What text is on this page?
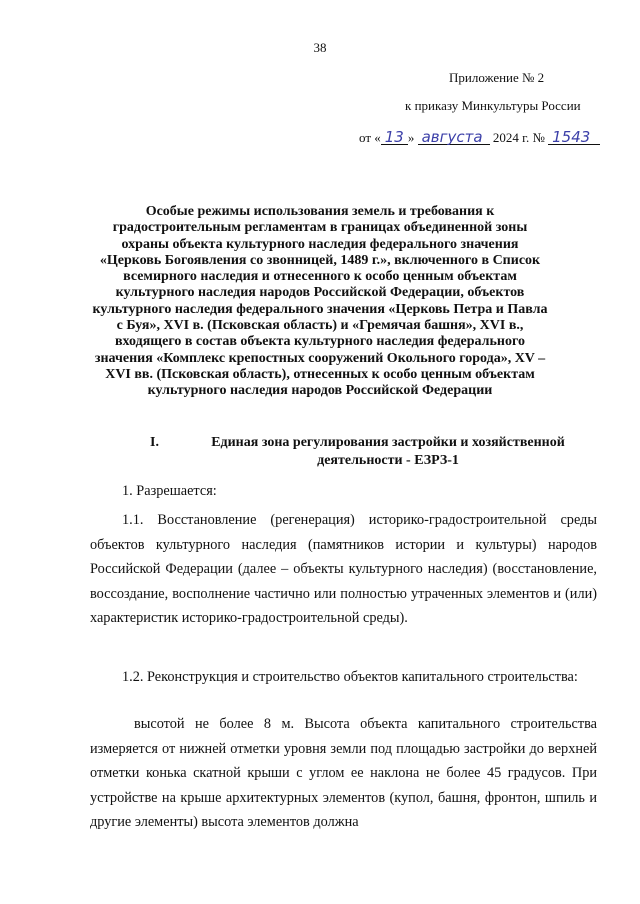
38
Приложение № 2
к приказу Минкультуры России
от « 13 » августа 2024 г. № 1543
Особые режимы использования земель и требования к градостроительным регламентам в границах объединенной зоны охраны объекта культурного наследия федерального значения «Церковь Богоявления со звонницей, 1489 г.», включенного в Список всемирного наследия и отнесенного к особо ценным объектам культурного наследия народов Российской Федерации, объектов культурного наследия федерального значения «Церковь Петра и Павла с Буя», XVI в. (Псковская область) и «Гремячая башня», XVI в., входящего в состав объекта культурного наследия федерального значения «Комплекс крепостных сооружений Окольного города», XV – XVI вв. (Псковская область), отнесенных к особо ценным объектам культурного наследия народов Российской Федерации
I.	Единая зона регулирования застройки и хозяйственной деятельности - ЕЗРЗ-1
1. Разрешается:

1.1. Восстановление (регенерация) историко-градостроительной среды объектов культурного наследия (памятников истории и культуры) народов Российской Федерации (далее – объекты культурного наследия) (восстановление, воссоздание, восполнение частично или полностью утраченных элементов и (или) характеристик историко-градостроительной среды).

1.2. Реконструкция и строительство объектов капитального строительства:

высотой не более 8 м. Высота объекта капитального строительства измеряется от нижней отметки уровня земли под площадью застройки до верхней отметки конька скатной крыши с углом ее наклона не более 45 градусов. При устройстве на крыше архитектурных элементов (купол, башня, фронтон, шпиль и другие элементы) высота элементов должна
